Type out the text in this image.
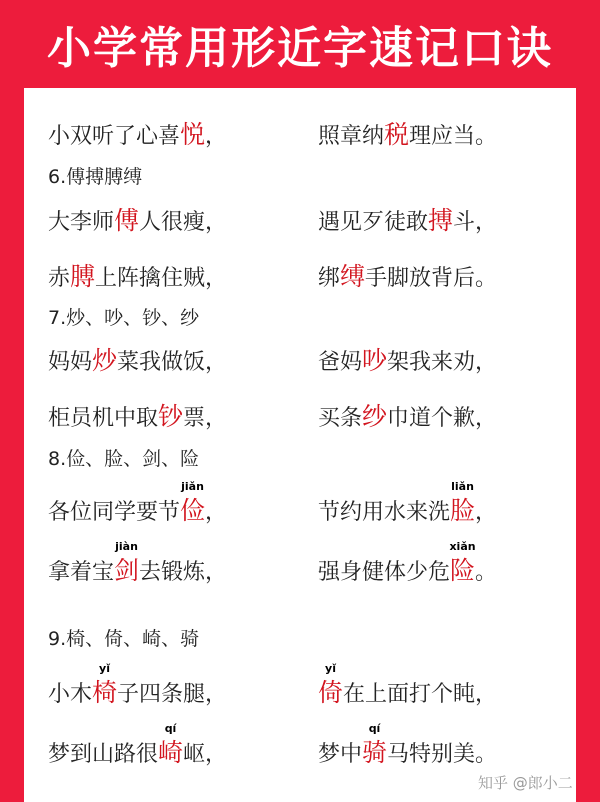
小学常用形近字速记口诀
小双听了心喜悦，	照章纳税理应当。
6.傅搏膊缚
大李师傅人很瘦，	遇见歹徒敢搏斗，
赤膊上阵擒住贼，	绑缚手脚放背后。
7.炒、吵、钞、纱
妈妈炒菜我做饭，	爸妈吵架我来劝，
柜员机中取钞票，	买条纱巾道个歉，
8.俭、脸、剑、险
各位同学要节
jiǎn
俭，	节约用水来洗
liǎn
脸，
拿着宝
jiàn
剑去锻炼，	强身健体少危
xiǎn
险。
9.椅、倚、崎、骑
小木
yǐ
椅子四条腿，
yǐ
倚在上面打个盹，
梦到山路很
qí
崎岖，	梦中
qí
骑马特别美。
知乎 @郎小二
